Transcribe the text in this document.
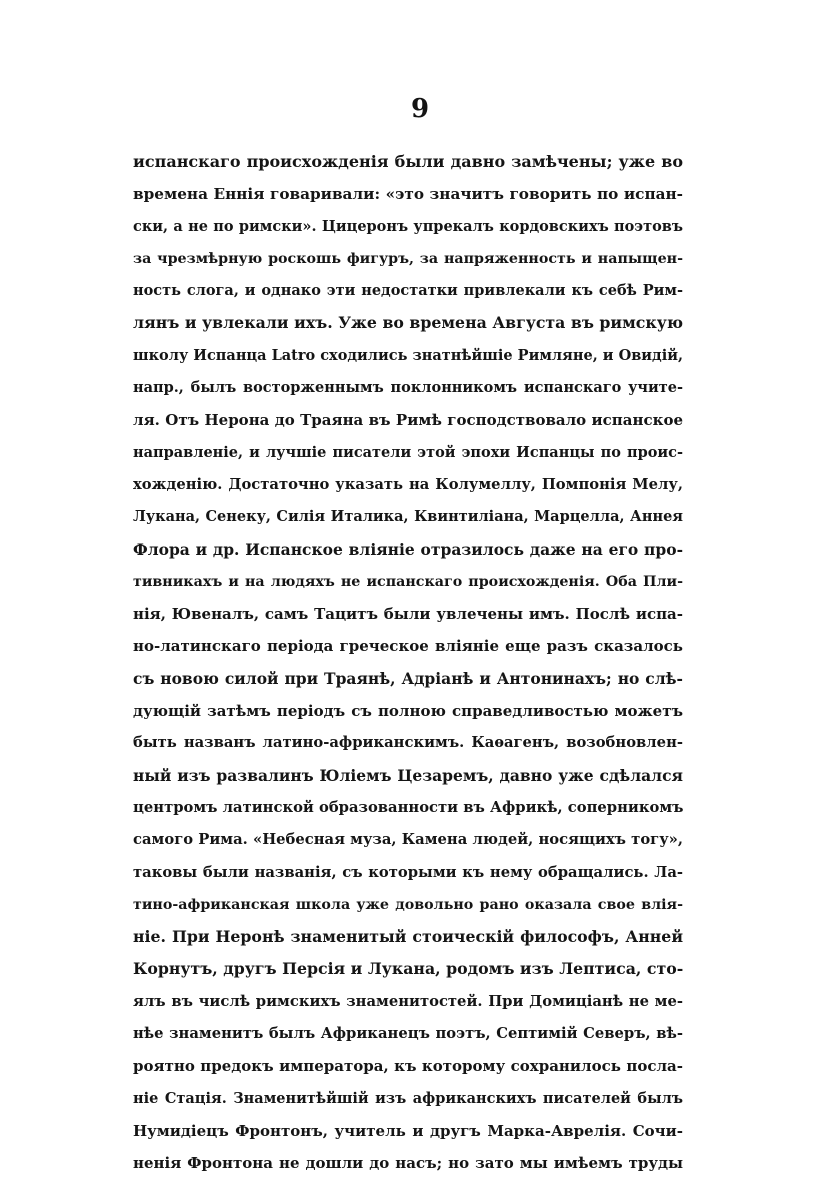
9
испанскаго происхожденія были давно замѣчены; уже во
времена Еннія говаривали: «это значитъ говорить по испан-
ски, а не по римски». Цицеронъ упрекалъ кордовскихъ поэтовъ
за чрезмѣрную роскошь фигуръ, за напряженность и напыщен-
ность слога, и однако эти недостатки привлекали къ себѣ Рим-
лянъ и увлекали ихъ. Уже во времена Августа въ римскую
школу Испанца Latro сходились знатнѣйшіе Римляне, и Овидій,
напр., былъ восторженнымъ поклонникомъ испанскаго учите-
ля. Отъ Нерона до Траяна въ Римѣ господствовало испанское
направленіе, и лучшіе писатели этой эпохи Испанцы по проис-
хожденію. Достаточно указать на Колумеллу, Помпонія Мелу,
Лукана, Сенеку, Силія Италика, Квинтиліана, Марцелла, Аннея
Флора и др. Испанское вліяніе отразилось даже на его про-
тивникахъ и на людяхъ не испанскаго происхожденія. Оба Пли-
нія, Ювеналъ, самъ Тацитъ были увлечены имъ. Послѣ испа-
но-латинскаго періода греческое вліяніе еще разъ сказалось
съ новою силой при Траянѣ, Адріанѣ и Антонинахъ; но слѣ-
дующій затѣмъ періодъ съ полною справедливостью можетъ
быть названъ латино-африканскимъ. Каѳагенъ, возобновлен-
ный изъ развалинъ Юліемъ Цезаремъ, давно уже сдѣлался
центромъ латинской образованности въ Африкѣ, соперникомъ
самого Рима. «Небесная муза, Камена людей, носящихъ тогу»,
таковы были названія, съ которыми къ нему обращались. Ла-
тино-африканская школа уже довольно рано оказала свое влія-
ніе. При Неронѣ знаменитый стоическій философъ, Анней
Корнутъ, другъ Персія и Лукана, родомъ изъ Лептиса, сто-
ялъ въ числѣ римскихъ знаменитостей. При Домиціанѣ не ме-
нѣе знаменитъ былъ Африканецъ поэтъ, Септимій Северъ, вѣ-
роятно предокъ императора, къ которому сохранилось посла-
ніе Стація. Знаменитѣйшій изъ африканскихъ писателей былъ
Нумидіецъ Фронтонъ, учитель и другъ Марка-Аврелія. Сочи-
ненія Фронтона не дошли до насъ; но зато мы имѣемъ труды
